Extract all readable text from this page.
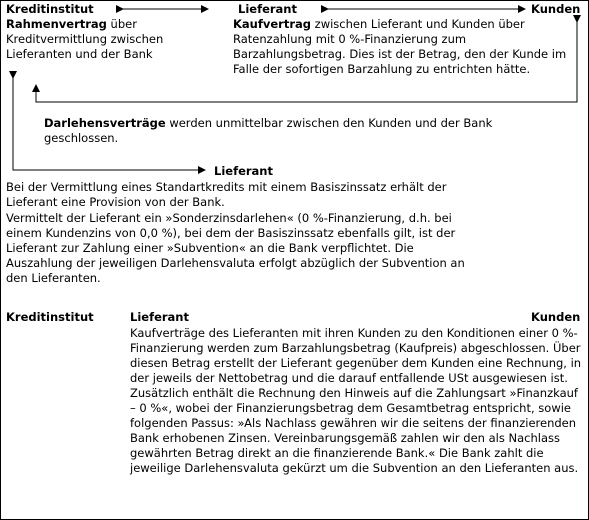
Kreditinstitut	Lieferant	Kunden
Rahmenvertrag über Kreditvermittlung zwischen Lieferanten und der Bank
Kaufvertrag zwischen Lieferant und Kunden über Ratenzahlung mit 0 %-Finanzierung zum Barzahlungsbetrag. Dies ist der Betrag, den der Kunde im Falle der sofortigen Barzahlung zu entrichten hätte.
Darlehensverträge werden unmittelbar zwischen den Kunden und der Bank geschlossen.
Lieferant
Bei der Vermittlung eines Standartkredits mit einem Basiszinssatz erhält der Lieferant eine Provision von der Bank.
Vermittelt der Lieferant ein »Sonderzinsdarlehen« (0 %-Finanzierung, d.h. bei einem Kundenzins von 0,0 %), bei dem der Basiszinssatz ebenfalls gilt, ist der Lieferant zur Zahlung einer »Subvention« an die Bank verpflichtet. Die Auszahlung der jeweiligen Darlehensvaluta erfolgt abzüglich der Subvention an den Lieferanten.
Kreditinstitut	Lieferant	Kunden
Kaufverträge des Lieferanten mit ihren Kunden zu den Konditionen einer 0 %-Finanzierung werden zum Barzahlungsbetrag (Kaufpreis) abgeschlossen. Über diesen Betrag erstellt der Lieferant gegenüber dem Kunden eine Rechnung, in der jeweils der Nettobetrag und die darauf entfallende USt ausgewiesen ist. Zusätzlich enthält die Rechnung den Hinweis auf die Zahlungsart »Finanzkauf – 0 %«, wobei der Finanzierungsbetrag dem Gesamtbetrag entspricht, sowie folgenden Passus: »Als Nachlass gewähren wir die seitens der finanzierenden Bank erhobenen Zinsen. Vereinbarungsgemäß zahlen wir den als Nachlass gewährten Betrag direkt an die finanzierende Bank.« Die Bank zahlt die jeweilige Darlehensvaluta gekürzt um die Subvention an den Lieferanten aus.
